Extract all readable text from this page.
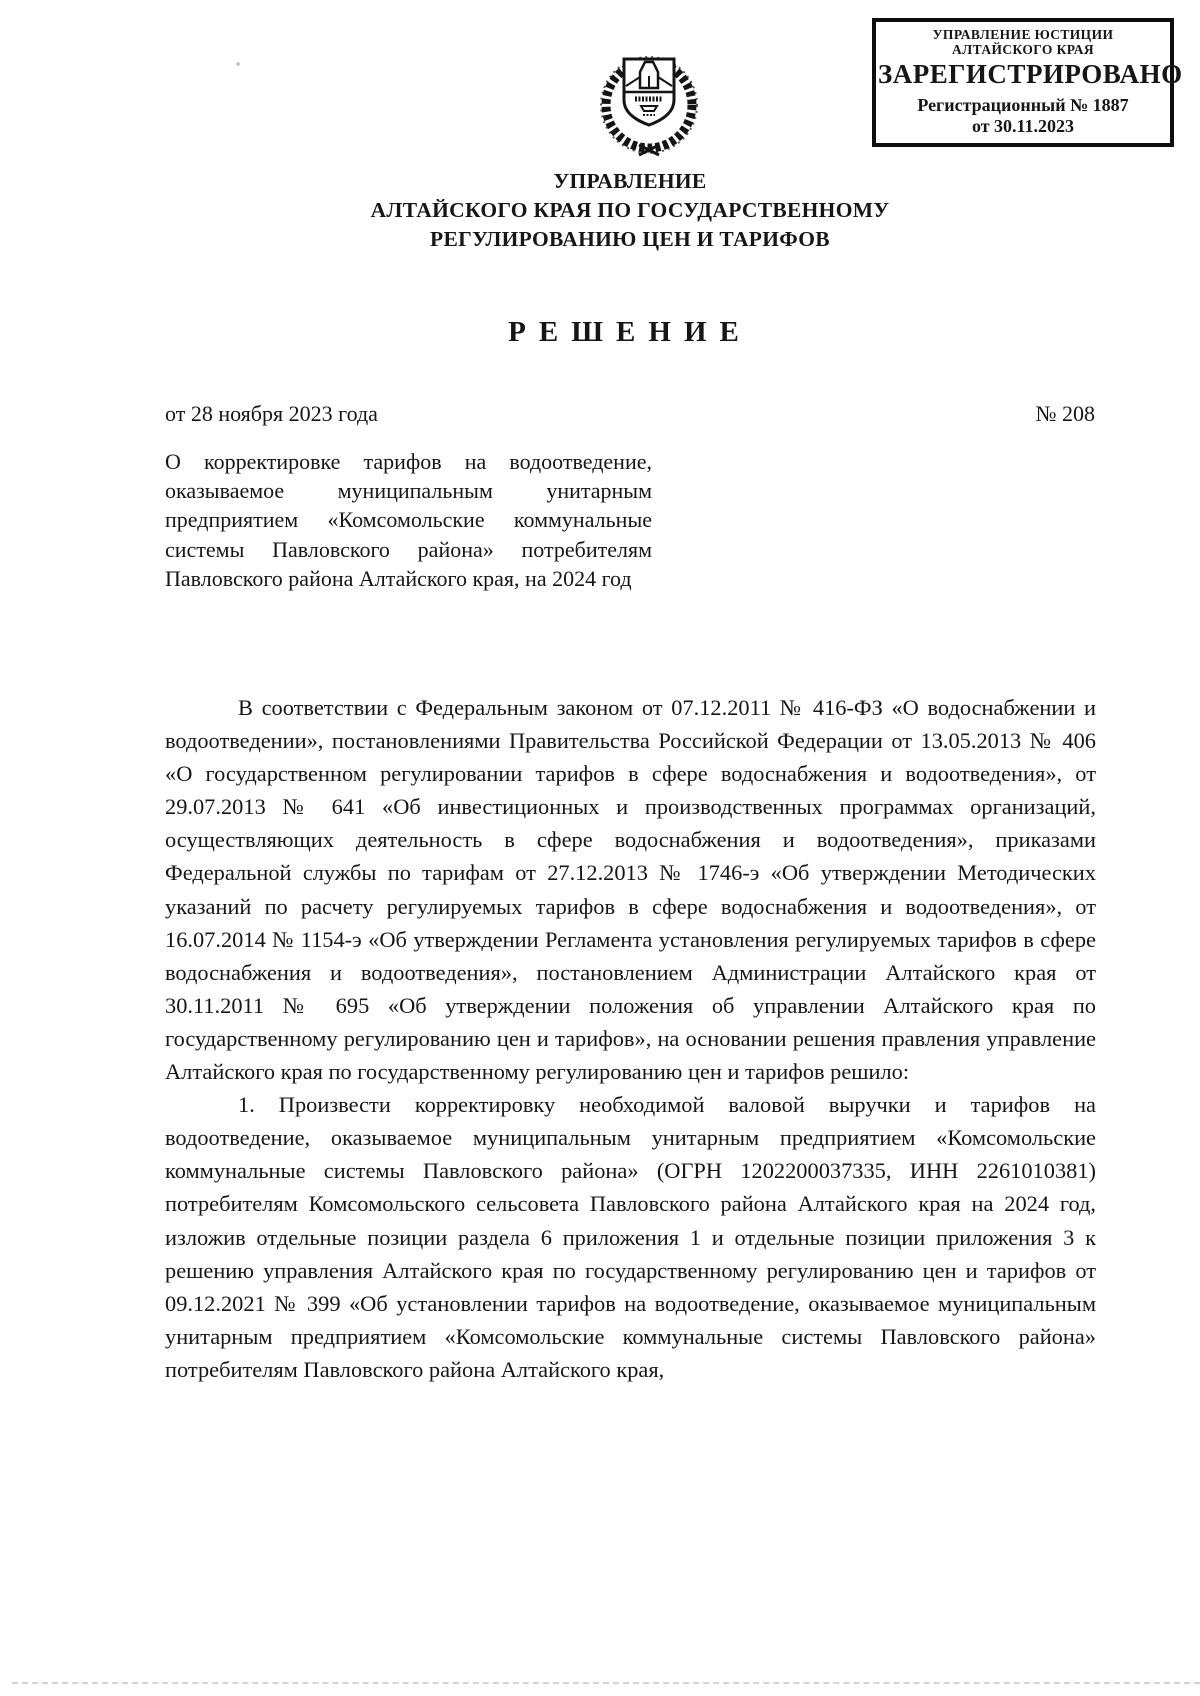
УПРАВЛЕНИЕ ЮСТИЦИИ
АЛТАЙСКОГО КРАЯ
ЗАРЕГИСТРИРОВАНО
Регистрационный № 1887
от 30.11.2023
УПРАВЛЕНИЕ
АЛТАЙСКОГО КРАЯ ПО ГОСУДАРСТВЕННОМУ
РЕГУЛИРОВАНИЮ ЦЕН И ТАРИФОВ
РЕШЕНИЕ
от 28 ноября 2023 года	№ 208
О корректировке тарифов на водоотведение, оказываемое муниципальным унитарным предприятием «Комсомольские коммунальные системы Павловского района» потребителям Павловского района Алтайского края, на 2024 год

В соответствии с Федеральным законом от 07.12.2011 № 416-ФЗ «О водоснабжении и водоотведении», постановлениями Правительства Российской Федерации от 13.05.2013 № 406 «О государственном регулировании тарифов в сфере водоснабжения и водоотведения», от 29.07.2013 № 641 «Об инвестиционных и производственных программах организаций, осуществляющих деятельность в сфере водоснабжения и водоотведения», приказами Федеральной службы по тарифам от 27.12.2013 № 1746-э «Об утверждении Методических указаний по расчету регулируемых тарифов в сфере водоснабжения и водоотведения», от 16.07.2014 № 1154-э «Об утверждении Регламента установления регулируемых тарифов в сфере водоснабжения и водоотведения», постановлением Администрации Алтайского края от 30.11.2011 № 695 «Об утверждении положения об управлении Алтайского края по государственному регулированию цен и тарифов», на основании решения правления управление Алтайского края по государственному регулированию цен и тарифов решило:

1. Произвести корректировку необходимой валовой выручки и тарифов на водоотведение, оказываемое муниципальным унитарным предприятием «Комсомольские коммунальные системы Павловского района» (ОГРН 1202200037335, ИНН 2261010381) потребителям Комсомольского сельсовета Павловского района Алтайского края на 2024 год, изложив отдельные позиции раздела 6 приложения 1 и отдельные позиции приложения 3 к решению управления Алтайского края по государственному регулированию цен и тарифов от 09.12.2021 № 399 «Об установлении тарифов на водоотведение, оказываемое муниципальным унитарным предприятием «Комсомольские коммунальные системы Павловского района» потребителям Павловского района Алтайского края,
